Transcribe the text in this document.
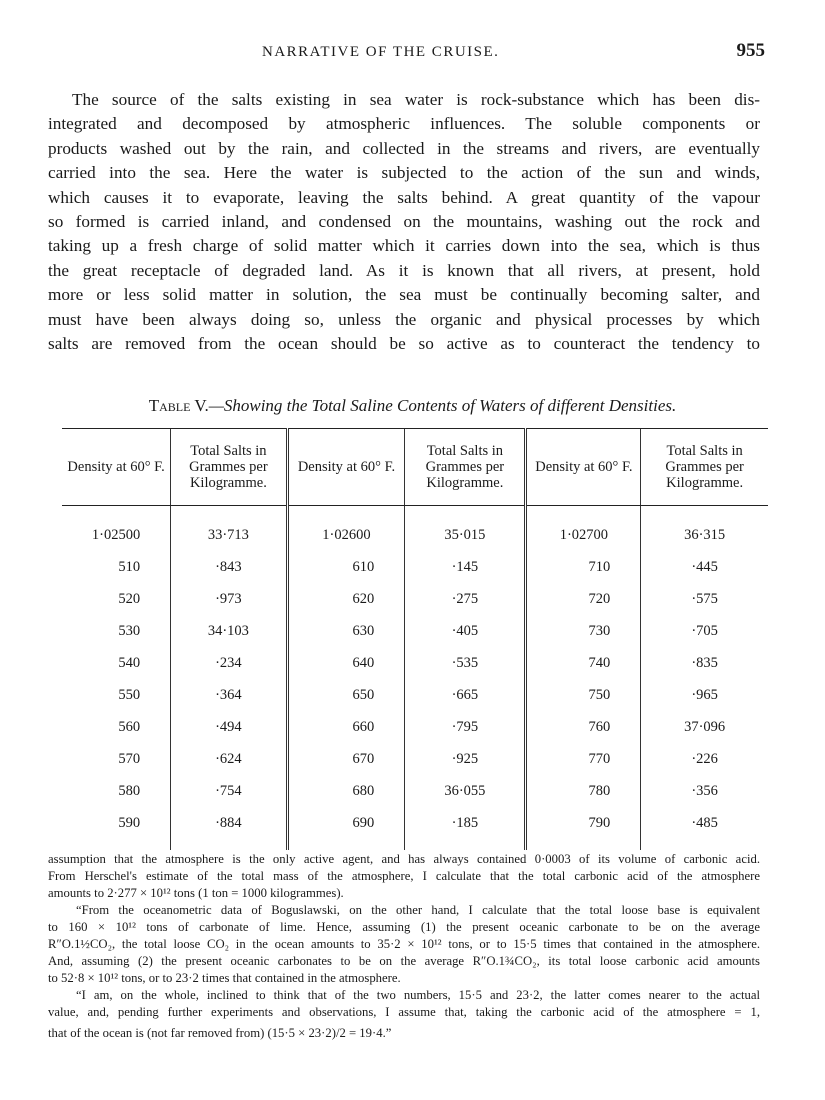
NARRATIVE OF THE CRUISE.	955
The source of the salts existing in sea water is rock-substance which has been dis-
integrated and decomposed by atmospheric influences. The soluble components or
products washed out by the rain, and collected in the streams and rivers, are eventually
carried into the sea. Here the water is subjected to the action of the sun and winds,
which causes it to evaporate, leaving the salts behind. A great quantity of the vapour
so formed is carried inland, and condensed on the mountains, washing out the rock and
taking up a fresh charge of solid matter which it carries down into the sea, which is thus
the great receptacle of degraded land. As it is known that all rivers, at present, hold
more or less solid matter in solution, the sea must be continually becoming salter, and
must have been always doing so, unless the organic and physical processes by which
salts are removed from the ocean should be so active as to counteract the tendency to
Table V.—Showing the Total Saline Contents of Waters of different Densities.
Density at 60° F.	Total Salts in Grammes per Kilogramme.	Density at 60° F.	Total Salts in Grammes per Kilogramme.	Density at 60° F.	Total Salts in Grammes per Kilogramme.
1·02500	33·713	1·02600	35·015	1·02700	36·315
510	·843	610	·145	710	·445
520	·973	620	·275	720	·575
530	34·103	630	·405	730	·705
540	·234	640	·535	740	·835
550	·364	650	·665	750	·965
560	·494	660	·795	760	37·096
570	·624	670	·925	770	·226
580	·754	680	36·055	780	·356
590	·884	690	·185	790	·485
assumption that the atmosphere is the only active agent, and has always contained 0·0003 of its volume of carbonic acid.
From Herschel's estimate of the total mass of the atmosphere, I calculate that the total carbonic acid of the atmosphere
amounts to 2·277 × 10¹² tons (1 ton = 1000 kilogrammes).
“From the oceanometric data of Boguslawski, on the other hand, I calculate that the total loose base is equivalent
to 160 × 10¹² tons of carbonate of lime. Hence, assuming (1) the present oceanic carbonate to be on the average
R″O.1½CO₂, the total loose CO₂ in the ocean amounts to 35·2 × 10¹² tons, or to 15·5 times that contained in the atmosphere.
And, assuming (2) the present oceanic carbonates to be on the average R″O.1¾CO₂, its total loose carbonic acid amounts
to 52·8 × 10¹² tons, or to 23·2 times that contained in the atmosphere.
“I am, on the whole, inclined to think that of the two numbers, 15·5 and 23·2, the latter comes nearer to the actual
value, and, pending further experiments and observations, I assume that, taking the carbonic acid of the atmosphere = 1,
that of the ocean is (not far removed from) (15·5 × 23·2)/2 = 19·4.”
